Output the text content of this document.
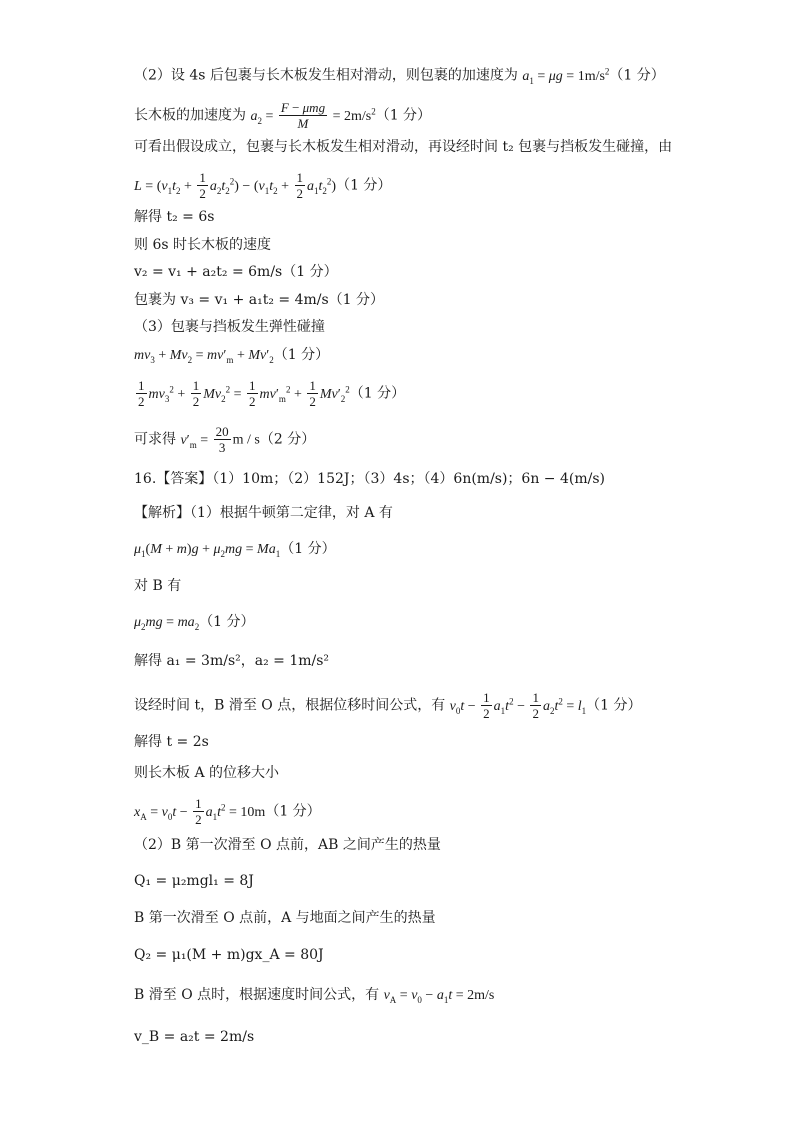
（2）设 4s 后包裹与长木板发生相对滑动，则包裹的加速度为 $a_1 = \mu g = 1m/s^2(1$ 分）
长木板的加速度为 $a_2 = \frac{\text{F − μmg}}{M} = 2m/s^2(1$ 分）
可看出假设成立，包裹与长木板发生相对滑动，再设经时间 t₂ 包裹与挡板发生碰撞，由
$L = (v_1t_2 + \frac{1}{2} a_2t_2^2) - (v_1t_2 + \frac{1}{2} a_1t_2^2)(1$ 分）
解得 t₂ = 6s
则 6s 时长木板的速度
v₂ = v₁ + a₂t₂ = 6m/s（1 分）
包裹为 v₃ = v₁ + a₁t₂ = 4m/s（1 分）
（3）包裹与挡板发生弹性碰撞
$mv_3 + Mv_2 = mv'_m + Mv'_2(1$ 分）
$\frac{1}{2} mv_3^2 + \frac{1}{2} Mv_2^2 = \frac{1}{2} mv'_m^2 + \frac{1}{2} Mv'_2^2(1$ 分）
可求得 $v'_m = \frac{20}{3}$ m / s（2 分）
16.【答案】（1）10m；（2）152J；（3）4s；（4）6n(m/s)；6n − 4(m/s)
【解析】（1）根据牛顿第二定律，对 A 有
$\mu_1(M + m)g + \mu_2mg = Ma_1(1$ 分）
对 B 有
$\mu_2mg = ma_2(1$ 分）
解得 a₁ = 3m/s²，a₂ = 1m/s²
设经时间 t，B 滑至 O 点，根据位移时间公式，有 $v_0t - \frac{1}{2} a_1t^2 - \frac{1}{2} a_2t^2 = l_1(1$ 分）
解得 t = 2s
则长木板 A 的位移大小
$x_A = v_0t - \frac{1}{2} a_1t^2 = 10m(1$ 分）
（2）B 第一次滑至 O 点前，AB 之间产生的热量
Q₁ = μ₂mgl₁ = 8J
B 第一次滑至 O 点前，A 与地面之间产生的热量
Q₂ = μ₁(M + m)gx_A = 80J
B 滑至 O 点时，根据速度时间公式，有 $v_A = v_0 - a_1t = 2m/s$
v_B = a₂t = 2m/s
